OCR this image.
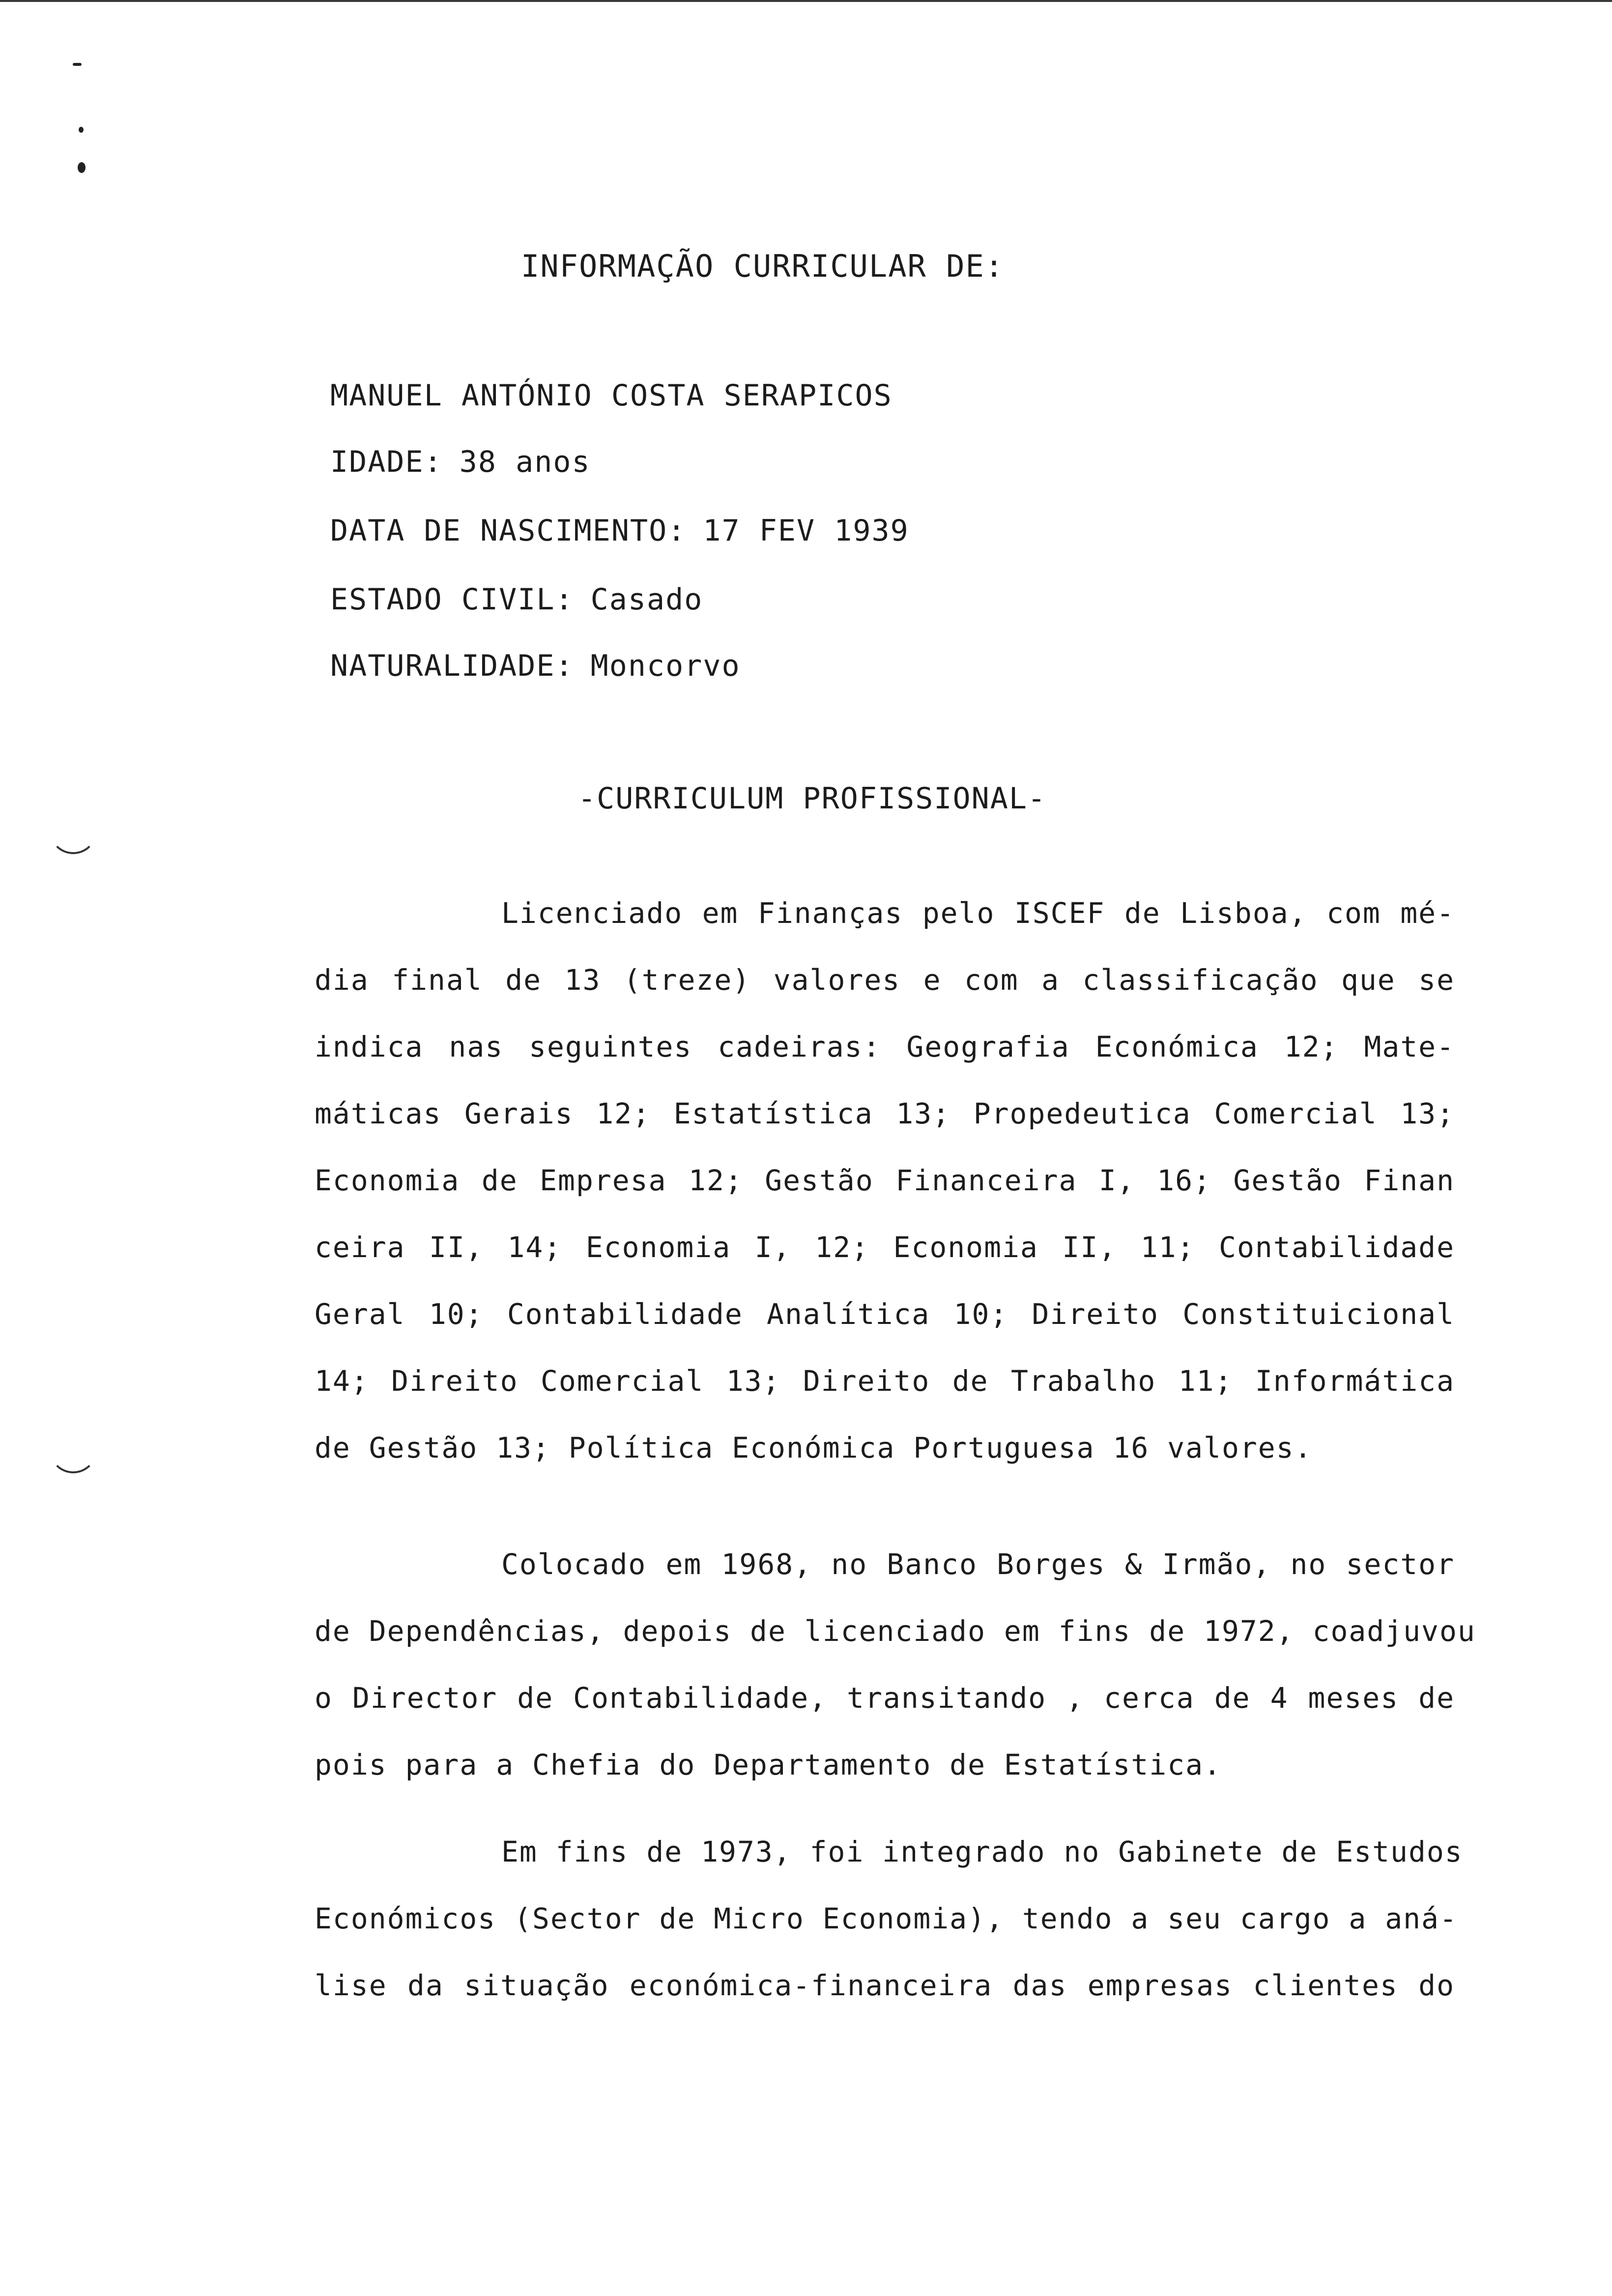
INFORMAÇÃO CURRICULAR DE:
MANUEL ANTÓNIO COSTA SERAPICOS
IDADE: 38 anos
DATA DE NASCIMENTO: 17 FEV 1939
ESTADO CIVIL: Casado
NATURALIDADE: Moncorvo
-CURRICULUM PROFISSIONAL-

Licenciado em Finanças pelo ISCEF de Lisboa, com mé-
dia final de 13 (treze) valores e com a classificação que se
indica nas seguintes cadeiras: Geografia Económica 12; Mate-
máticas Gerais 12; Estatística 13; Propedeutica Comercial 13;
Economia de Empresa 12; Gestão Financeira I, 16; Gestão Finan
ceira II, 14; Economia I, 12; Economia II, 11; Contabilidade
Geral 10; Contabilidade Analítica 10; Direito Constituicional
14; Direito Comercial 13; Direito de Trabalho 11; Informática
de Gestão 13; Política Económica Portuguesa 16 valores.

Colocado em 1968, no Banco Borges & Irmão, no sector
de Dependências, depois de licenciado em fins de 1972, coadjuvou
o Director de Contabilidade, transitando , cerca de 4 meses de
pois para a Chefia do Departamento de Estatística.

Em fins de 1973, foi integrado no Gabinete de Estudos
Económicos (Sector de Micro Economia), tendo a seu cargo a aná-
lise da situação económica-financeira das empresas clientes do
